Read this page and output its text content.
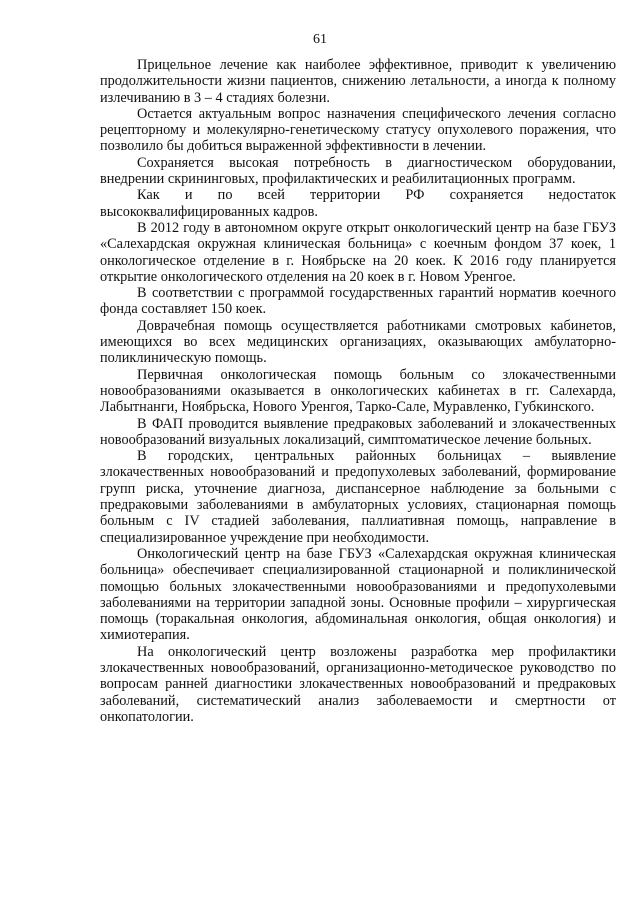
61

Прицельное лечение как наиболее эффективное, приводит к увеличению продолжительности жизни пациентов, снижению летальности, а иногда к полному излечиванию в 3 – 4 стадиях болезни.

Остается актуальным вопрос назначения специфического лечения согласно рецепторному и молекулярно-генетическому статусу опухолевого поражения, что позволило бы добиться выраженной эффективности в лечении.

Сохраняется высокая потребность в диагностическом оборудовании, внедрении скрининговых, профилактических и реабилитационных программ.

Как и по всей территории РФ сохраняется недостаток высококвалифицированных кадров.

В 2012 году в автономном округе открыт онкологический центр на базе ГБУЗ «Салехардская окружная клиническая больница» с коечным фондом 37 коек, 1 онкологическое отделение в г. Ноябрьске на 20 коек. К 2016 году планируется открытие онкологического отделения на 20 коек в г. Новом Уренгое.

В соответствии с программой государственных гарантий норматив коечного фонда составляет 150 коек.

Доврачебная помощь осуществляется работниками смотровых кабинетов, имеющихся во всех медицинских организациях, оказывающих амбулаторно-поликлиническую помощь.

Первичная онкологическая помощь больным со злокачественными новообразованиями оказывается в онкологических кабинетах в гг. Салехарда, Лабытнанги, Ноябрьска, Нового Уренгоя, Тарко-Сале, Муравленко, Губкинского.

В ФАП проводится выявление предраковых заболеваний и злокачественных новообразований визуальных локализаций, симптоматическое лечение больных.

В городских, центральных районных больницах – выявление злокачественных новообразований и предопухолевых заболеваний, формирование групп риска, уточнение диагноза, диспансерное наблюдение за больными с предраковыми заболеваниями в амбулаторных условиях, стационарная помощь больным с IV стадией заболевания, паллиативная помощь, направление в специализированное учреждение при необходимости.

Онкологический центр на базе ГБУЗ «Салехардская окружная клиническая больница» обеспечивает специализированной стационарной и поликлинической помощью больных злокачественными новообразованиями и предопухолевыми заболеваниями на территории западной зоны. Основные профили – хирургическая помощь (торакальная онкология, абдоминальная онкология, общая онкология) и химиотерапия.

На онкологический центр возложены разработка мер профилактики злокачественных новообразований, организационно-методическое руководство по вопросам ранней диагностики злокачественных новообразований и предраковых заболеваний, систематический анализ заболеваемости и смертности от онкопатологии.
